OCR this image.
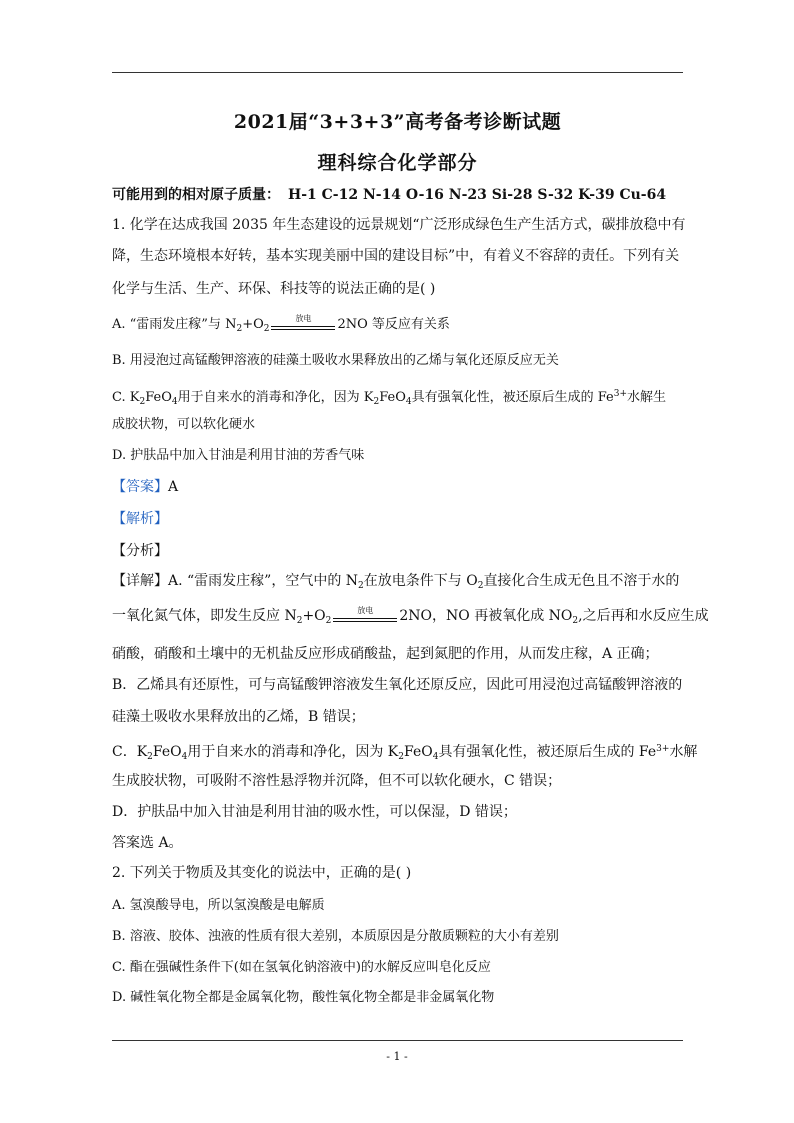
2021届“3+3+3”高考备考诊断试题
理科综合化学部分
可能用到的相对原子质量： H-1 C-12 N-14 O-16 N-23 Si-28 S-32 K-39 Cu-64
1. 化学在达成我国 2035 年生态建设的远景规划“广泛形成绿色生产生活方式，碳排放稳中有
降，生态环境根本好转，基本实现美丽中国的建设目标”中，有着义不容辞的责任。下列有关
化学与生活、生产、环保、科技等的说法正确的是( )
A. “雷雨发庄稼”与 $N_2+O_2$
放电	2NO 等反应有关系
B. 用浸泡过高锰酸钾溶液的硅藻土吸收水果释放出的乙烯与氧化还原反应无关
C. $K_2FeO_4$用于自来水的消毒和净化，因为 $K_2FeO_4$具有强氧化性，被还原后生成的 $Fe^{3+}$水解生
成胶状物，可以软化硬水
D. 护肤品中加入甘油是利用甘油的芳香气味
【答案】A
【解析】
【分析】
【详解】A. “雷雨发庄稼”，空气中的 $N_2$在放电条件下与 $O_2$直接化合生成无色且不溶于水的
一氧化氮气体，即发生反应 $N_2+O_2$
放电	2NO，NO 再被氧化成 $NO_2$,之后再和水反应生成
硝酸，硝酸和土壤中的无机盐反应形成硝酸盐，起到氮肥的作用，从而发庄稼，A 正确；
B．乙烯具有还原性，可与高锰酸钾溶液发生氧化还原反应，因此可用浸泡过高锰酸钾溶液的
硅藻土吸收水果释放出的乙烯，B 错误；
C．$K_2FeO_4$用于自来水的消毒和净化，因为 $K_2FeO_4$具有强氧化性，被还原后生成的 $Fe^{3+}$水解
生成胶状物，可吸附不溶性悬浮物并沉降，但不可以软化硬水，C 错误；
D．护肤品中加入甘油是利用甘油的吸水性，可以保湿，D 错误；
答案选 A。
2. 下列关于物质及其变化的说法中，正确的是( )
A. 氢溴酸导电，所以氢溴酸是电解质
B. 溶液、胶体、浊液的性质有很大差别，本质原因是分散质颗粒的大小有差别
C. 酯在强碱性条件下(如在氢氧化钠溶液中)的水解反应叫皂化反应
D. 碱性氧化物全都是金属氧化物，酸性氧化物全都是非金属氧化物
- 1 -
